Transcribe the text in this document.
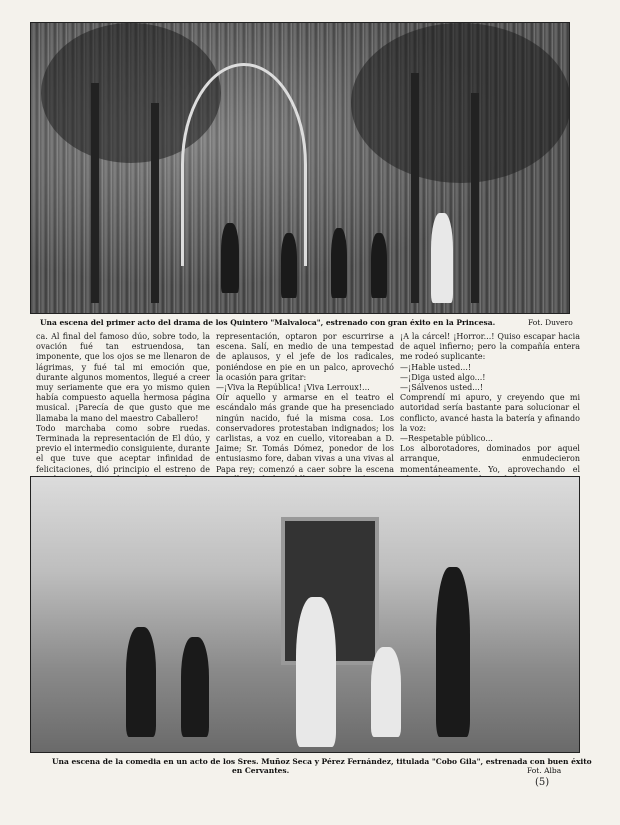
Una escena del primer acto del drama de los Quintero "Malvaloca", estrenado con gran éxito en la Princesa.	Fot. Duvero

ca. Al final del famoso dúo, sobre todo, la ovación fué tan estruendosa, tan imponente, que los ojos se me llenaron de lágrimas, y fué tal mi emoción que, durante algunos momentos, llegué a creer muy seriamente que era yo mismo quien había compuesto aquella hermosa página musical. ¡Parecía de que gusto que me llamaba la mano del maestro Caballero!

Todo marchaba como sobre ruedas. Terminada la representación de El dúo, y previo el intermedio consiguiente, durante el que tuve que aceptar infinidad de felicitaciones, dió principio el estreno de

representación, optaron por escurrirse a escena. Salí, en medio de una tempestad de aplausos, y el jefe de los radicales, poniéndose en pie en un palco, aprovechó la ocasión para gritar:

—¡Viva la República! ¡Viva Lerroux!...

Oír aquello y armarse en el teatro el escándalo más grande que ha presenciado ningún nacido, fué la misma cosa. Los conservadores protestaban indignados; los carlistas, a voz en cuello, vitoreaban a D. Jaime; Sr. Tomás Dómez, ponedor de los entusiasmo fore, daban vivas a una vivas al Papa rey; comenzó a caer sobre la escena

¡A la cárcel! ¡Horror...! Quiso escapar hacia de aquel infierno; pero la compañía entera me rodeó suplicante:

—¡Hable usted...!

—¡Diga usted algo...!

—¡Sálvenos usted...!

Comprendí mi apuro, y creyendo que mi autoridad sería bastante para solucionar el conflicto, avancé hasta la batería y afinando la voz:

—Respetable público...

Los alborotadores, dominados por aquel arranque, enmudecieron momentáneamente. Yo, aprovechando el

Una escena de la comedia en un acto de los Sres. Muñoz Seca y Pérez Fernández, titulada "Cobo Gila", estrenada con buen éxito
en Cervantes.	Fot. Alba
(5)
